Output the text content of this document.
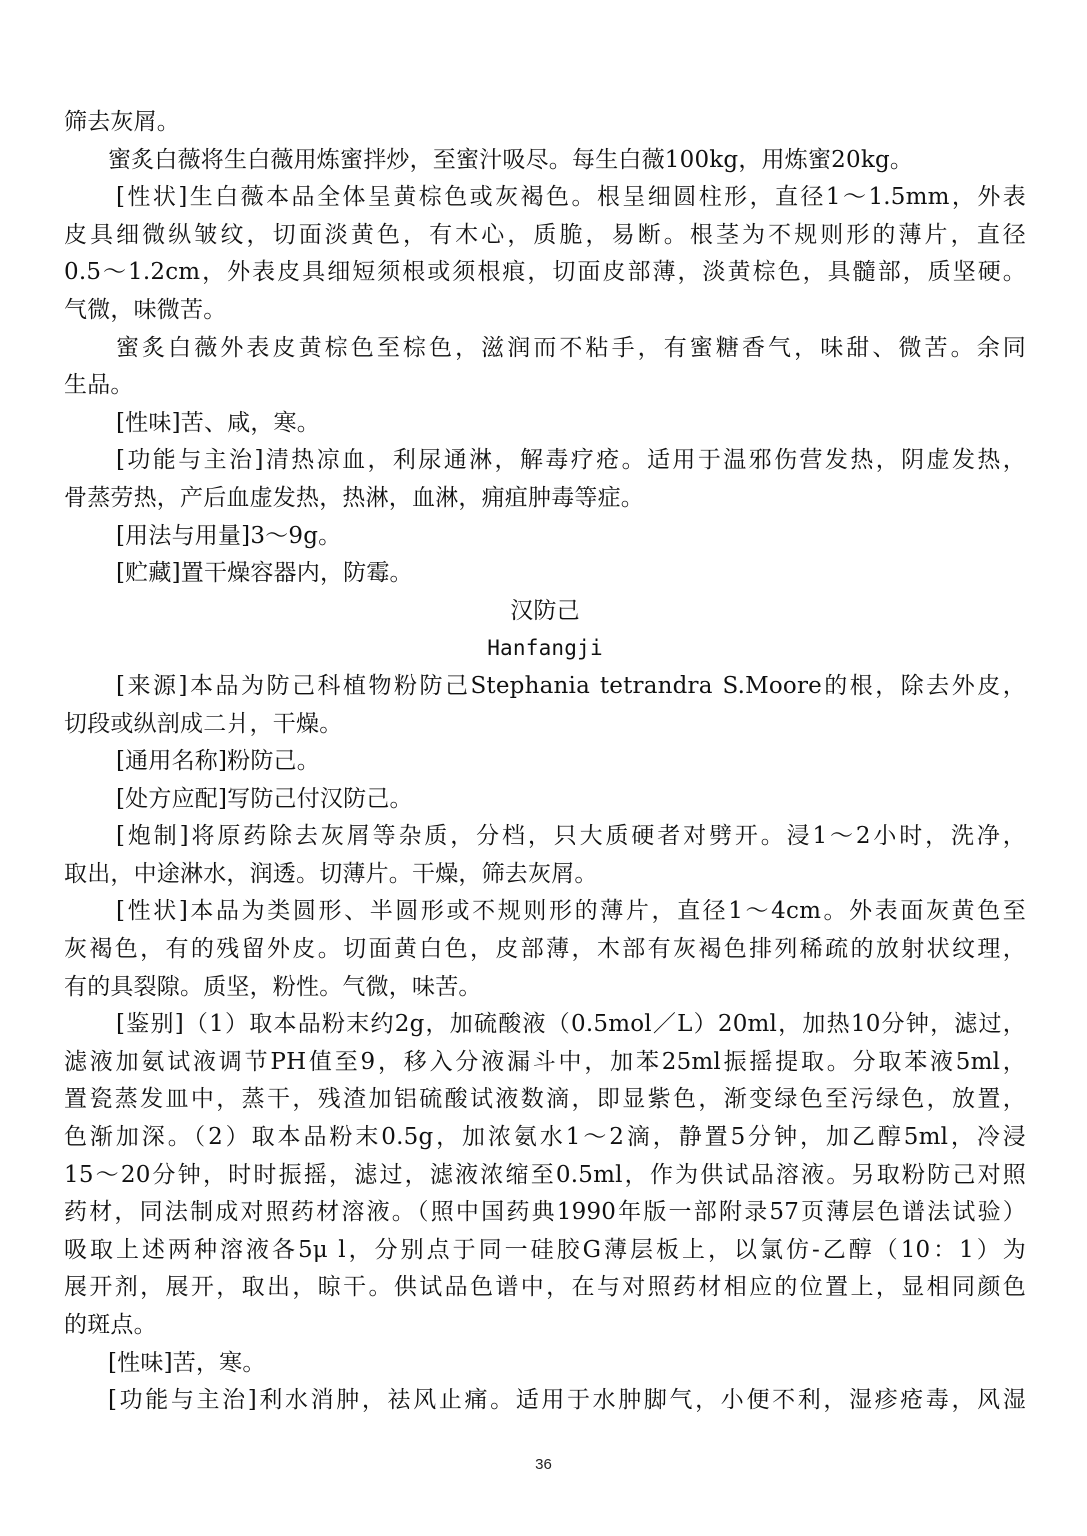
筛去灰屑。
蜜炙白薇将生白薇用炼蜜拌炒，至蜜汁吸尽。每生白薇100kg，用炼蜜20kg。
[性状]生白薇本品全体呈黄棕色或灰褐色。根呈细圆柱形，直径1～1.5mm，外表
皮具细微纵皱纹，切面淡黄色，有木心，质脆，易断。根茎为不规则形的薄片，直径
0.5～1.2cm，外表皮具细短须根或须根痕，切面皮部薄，淡黄棕色，具髓部，质坚硬。
气微，味微苦。
蜜炙白薇外表皮黄棕色至棕色，滋润而不粘手，有蜜糖香气，味甜、微苦。余同
生品。
[性味]苦、咸，寒。
[功能与主治]清热凉血，利尿通淋，解毒疗疮。适用于温邪伤营发热，阴虚发热，
骨蒸劳热，产后血虚发热，热淋，血淋，痈疽肿毒等症。
[用法与用量]3～9g。
[贮藏]置干燥容器内，防霉。
汉防己
Hanfangji
[来源]本品为防己科植物粉防己Stephania tetrandra S.Moore的根，除去外皮，
切段或纵剖成二爿，干燥。
[通用名称]粉防己。
[处方应配]写防己付汉防己。
[炮制]将原药除去灰屑等杂质，分档，只大质硬者对劈开。浸1～2小时，洗净，
取出，中途淋水，润透。切薄片。干燥，筛去灰屑。
[性状]本品为类圆形、半圆形或不规则形的薄片，直径1～4cm。外表面灰黄色至
灰褐色，有的残留外皮。切面黄白色，皮部薄，木部有灰褐色排列稀疏的放射状纹理，
有的具裂隙。质坚，粉性。气微，味苦。
[鉴别]（1）取本品粉末约2g，加硫酸液（0.5mol／L）20ml，加热10分钟，滤过，
滤液加氨试液调节PH值至9，移入分液漏斗中，加苯25ml振摇提取。分取苯液5ml，
置瓷蒸发皿中，蒸干，残渣加铝硫酸试液数滴，即显紫色，渐变绿色至污绿色，放置，
色渐加深。（2）取本品粉末0.5g，加浓氨水1～2滴，静置5分钟，加乙醇5ml，冷浸
15～20分钟，时时振摇，滤过，滤液浓缩至0.5ml，作为供试品溶液。另取粉防己对照
药材，同法制成对照药材溶液。（照中国药典1990年版一部附录57页薄层色谱法试验）
吸取上述两种溶液各5μ l，分别点于同一硅胶G薄层板上，以氯仿-乙醇（10：1）为
展开剂，展开，取出，晾干。供试品色谱中，在与对照药材相应的位置上，显相同颜色
的斑点。
[性味]苦，寒。
[功能与主治]利水消肿，祛风止痛。适用于水肿脚气，小便不利，湿疹疮毒，风湿
36
